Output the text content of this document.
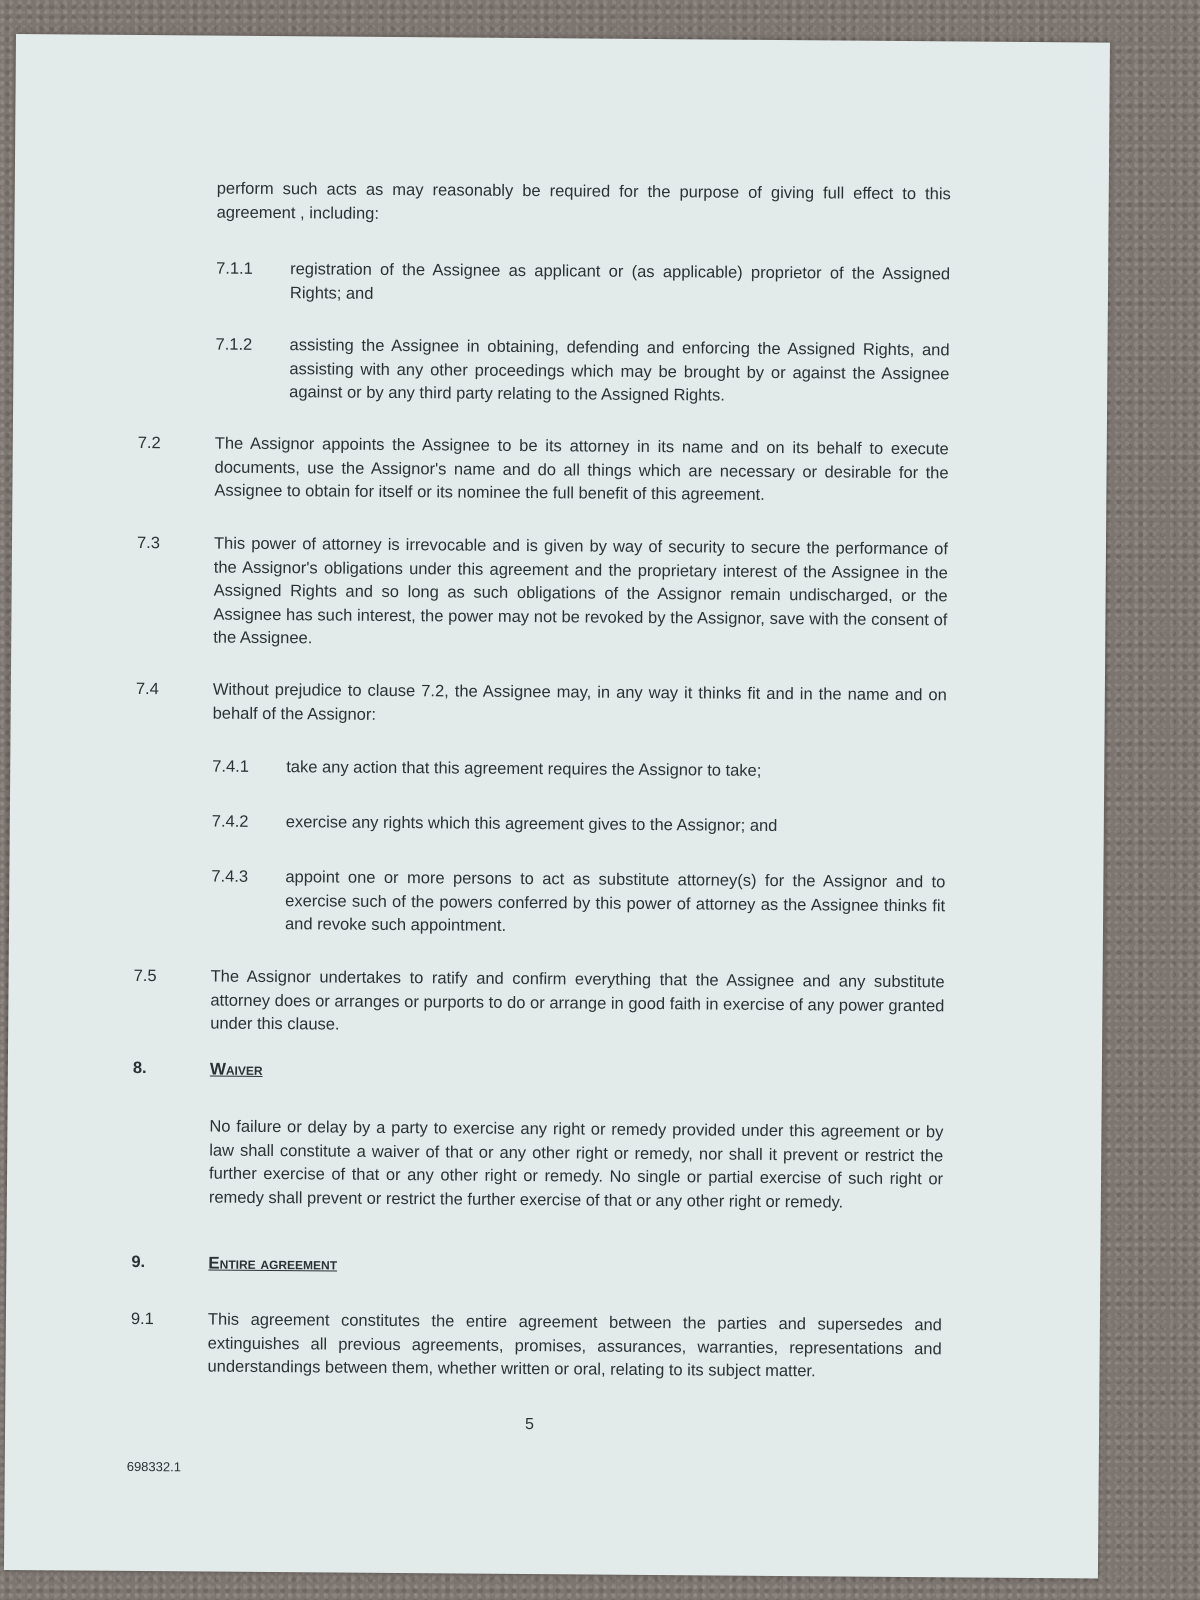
perform such acts as may reasonably be required for the purpose of giving full effect to this agreement , including:
7.1.1 registration of the Assignee as applicant or (as applicable) proprietor of the Assigned Rights; and
7.1.2 assisting the Assignee in obtaining, defending and enforcing the Assigned Rights, and assisting with any other proceedings which may be brought by or against the Assignee against or by any third party relating to the Assigned Rights.
7.2	The Assignor appoints the Assignee to be its attorney in its name and on its behalf to execute documents, use the Assignor's name and do all things which are necessary or desirable for the Assignee to obtain for itself or its nominee the full benefit of this agreement.
7.3	This power of attorney is irrevocable and is given by way of security to secure the performance of the Assignor's obligations under this agreement and the proprietary interest of the Assignee in the Assigned Rights and so long as such obligations of the Assignor remain undischarged, or the Assignee has such interest, the power may not be revoked by the Assignor, save with the consent of the Assignee.
7.4	Without prejudice to clause 7.2, the Assignee may, in any way it thinks fit and in the name and on behalf of the Assignor:
7.4.1 take any action that this agreement requires the Assignor to take;
7.4.2 exercise any rights which this agreement gives to the Assignor; and
7.4.3 appoint one or more persons to act as substitute attorney(s) for the Assignor and to exercise such of the powers conferred by this power of attorney as the Assignee thinks fit and revoke such appointment.
7.5	The Assignor undertakes to ratify and confirm everything that the Assignee and any substitute attorney does or arranges or purports to do or arrange in good faith in exercise of any power granted under this clause.
8.	Waiver
No failure or delay by a party to exercise any right or remedy provided under this agreement or by law shall constitute a waiver of that or any other right or remedy, nor shall it prevent or restrict the further exercise of that or any other right or remedy. No single or partial exercise of such right or remedy shall prevent or restrict the further exercise of that or any other right or remedy.
9.	Entire agreement
9.1	This agreement constitutes the entire agreement between the parties and supersedes and extinguishes all previous agreements, promises, assurances, warranties, representations and understandings between them, whether written or oral, relating to its subject matter.
5
698332.1
